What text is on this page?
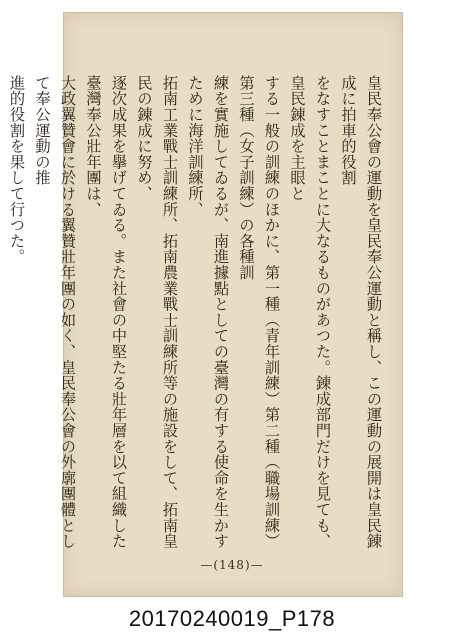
皇民奉公會の運動を皇民奉公運動と稱し、この運動の展開は皇民錬成に拍車的役割
をなすことまことに大なるものがあつた。錬成部門だけを見ても、皇民錬成を主眼と
する一般の訓練のほかに、第一種（青年訓練）第二種（職場訓練）第三種（女子訓練）の各種訓
練を實施してゐるが、南進據點としての臺灣の有する使命を生かすために海洋訓練所、
拓南工業戰士訓練所、拓南農業戰士訓練所等の施設をして、拓南皇民の錬成に努め、
逐次成果を擧げてゐる。また社會の中堅たる壯年層を以て組織した臺灣奉公壯年團は、
大政翼贊會に於ける翼贊壯年團の如く、皇民奉公會の外廓團體として奉公運動の推
進的役割を果して行つた。
—(148)—
20170240019_P178
